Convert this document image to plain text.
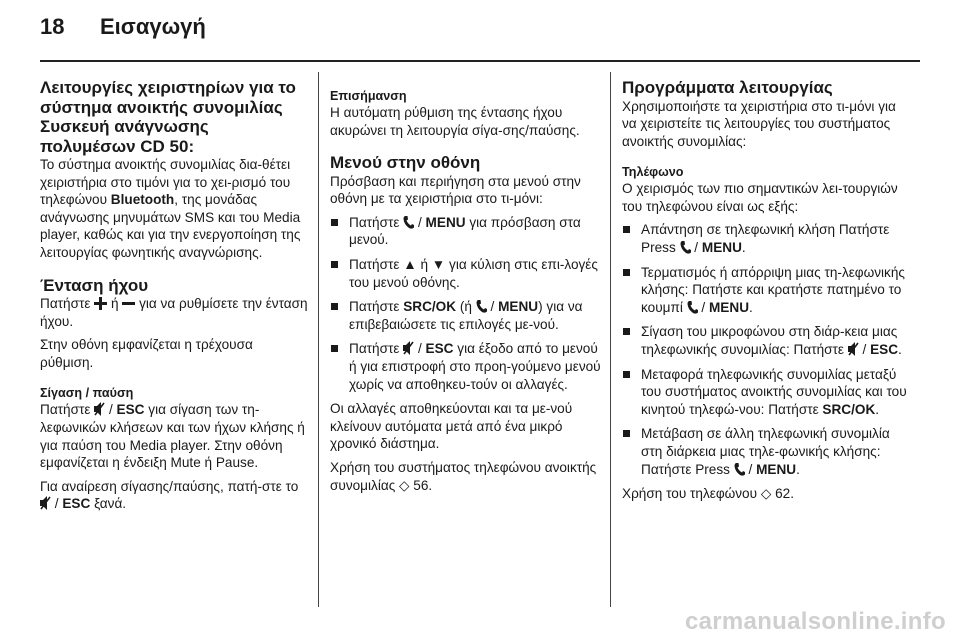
18 Εισαγωγή
Λειτουργίες χειριστηρίων για το σύστημα ανοικτής συνομιλίας
Συσκευή ανάγνωσης πολυμέσων CD 50:

Το σύστημα ανοικτής συνομιλίας δια-θέτει χειριστήρια στο τιμόνι για το χει-ρισμό του τηλεφώνου Bluetooth, της μονάδας ανάγνωσης μηνυμάτων SMS και του Media player, καθώς και για την ενεργοποίηση της λειτουργίας φωνητικής αναγνώρισης.

Ένταση ήχου

Πατήστε  ή  για να ρυθμίσετε την ένταση ήχου.

Στην οθόνη εμφανίζεται η τρέχουσα ρύθμιση.

Σίγαση / παύση

Πατήστε  / ESC για σίγαση των τη-λεφωνικών κλήσεων και των ήχων κλήσης ή για παύση του Media player. Στην οθόνη εμφανίζεται η ένδειξη Mute ή Pause.

Για αναίρεση σίγασης/παύσης, πατή-στε το  / ESC ξανά.

Επισήμανση

Η αυτόματη ρύθμιση της έντασης ήχου ακυρώνει τη λειτουργία σίγα-σης/παύσης.

Μενού στην οθόνη

Πρόσβαση και περιήγηση στα μενού στην οθόνη με τα χειριστήρια στο τι-μόνι:

Πατήστε  / MENU για πρόσβαση στα μενού.
Πατήστε ▲ ή ▼ για κύλιση στις επι-λογές του μενού οθόνης.
Πατήστε SRC/OK (ή  / MENU) για να επιβεβαιώσετε τις επιλογές με-νού.
Πατήστε  / ESC για έξοδο από το μενού ή για επιστροφή στο προη-γούμενο μενού χωρίς να αποθηκευ-τούν οι αλλαγές.

Οι αλλαγές αποθηκεύονται και τα με-νού κλείνουν αυτόματα μετά από ένα μικρό χρονικό διάστημα.

Χρήση του συστήματος τηλεφώνου ανοικτής συνομιλίας ◇ 56.

Προγράμματα λειτουργίας

Χρησιμοποιήστε τα χειριστήρια στο τι-μόνι για να χειριστείτε τις λειτουργίες του συστήματος ανοικτής συνομιλίας:

Τηλέφωνο

Ο χειρισμός των πιο σημαντικών λει-τουργιών του τηλεφώνου είναι ως εξής:

Απάντηση σε τηλεφωνική κλήση Πατήστε Press  / MENU.
Τερματισμός ή απόρριψη μιας τη-λεφωνικής κλήσης: Πατήστε και κρατήστε πατημένο το κουμπί  / MENU.
Σίγαση του μικροφώνου στη διάρ-κεια μιας τηλεφωνικής συνομιλίας: Πατήστε  / ESC.
Μεταφορά τηλεφωνικής συνομιλίας μεταξύ του συστήματος ανοικτής συνομιλίας και του κινητού τηλεφώ-νου: Πατήστε SRC/OK.
Μετάβαση σε άλλη τηλεφωνική συνομιλία στη διάρκεια μιας τηλε-φωνικής κλήσης: Πατήστε Press  / MENU.

Χρήση του τηλεφώνου ◇ 62.

carmanualsonline.info
